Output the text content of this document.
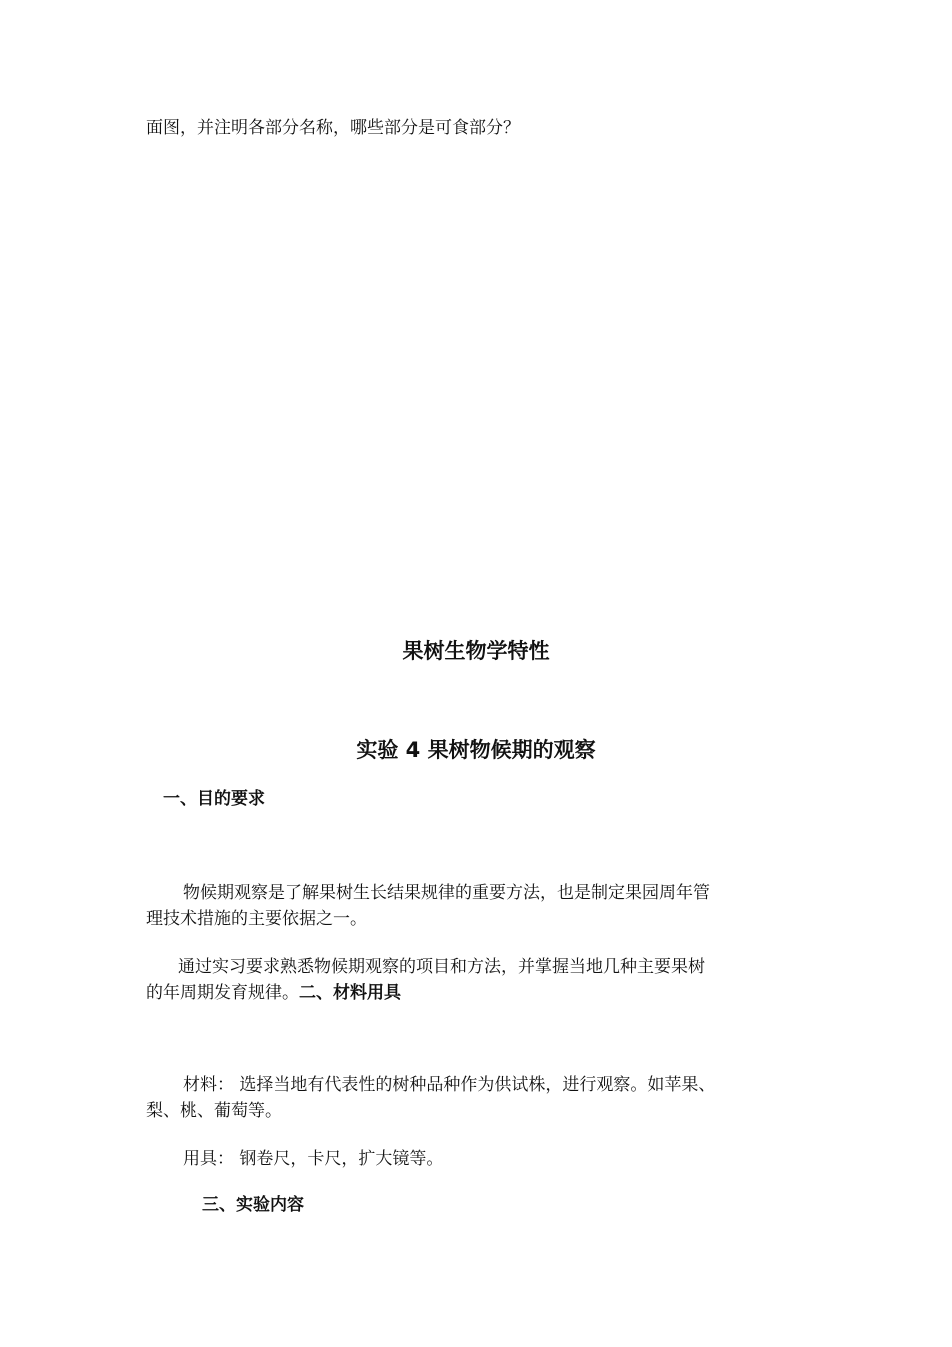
面图，并注明各部分名称，哪些部分是可食部分？

果树生物学特性
实验 4 果树物候期的观察
一、目的要求

物候期观察是了解果树生长结果规律的重要方法，也是制定果园周年管

理技术措施的主要依据之一。

通过实习要求熟悉物候期观察的项目和方法，并掌握当地几种主要果树

的年周期发育规律。二、材料用具

材料： 选择当地有代表性的树种品种作为供试株，进行观察。如苹果、

梨、桃、葡萄等。

用具： 钢卷尺，卡尺，扩大镜等。

三、实验内容
